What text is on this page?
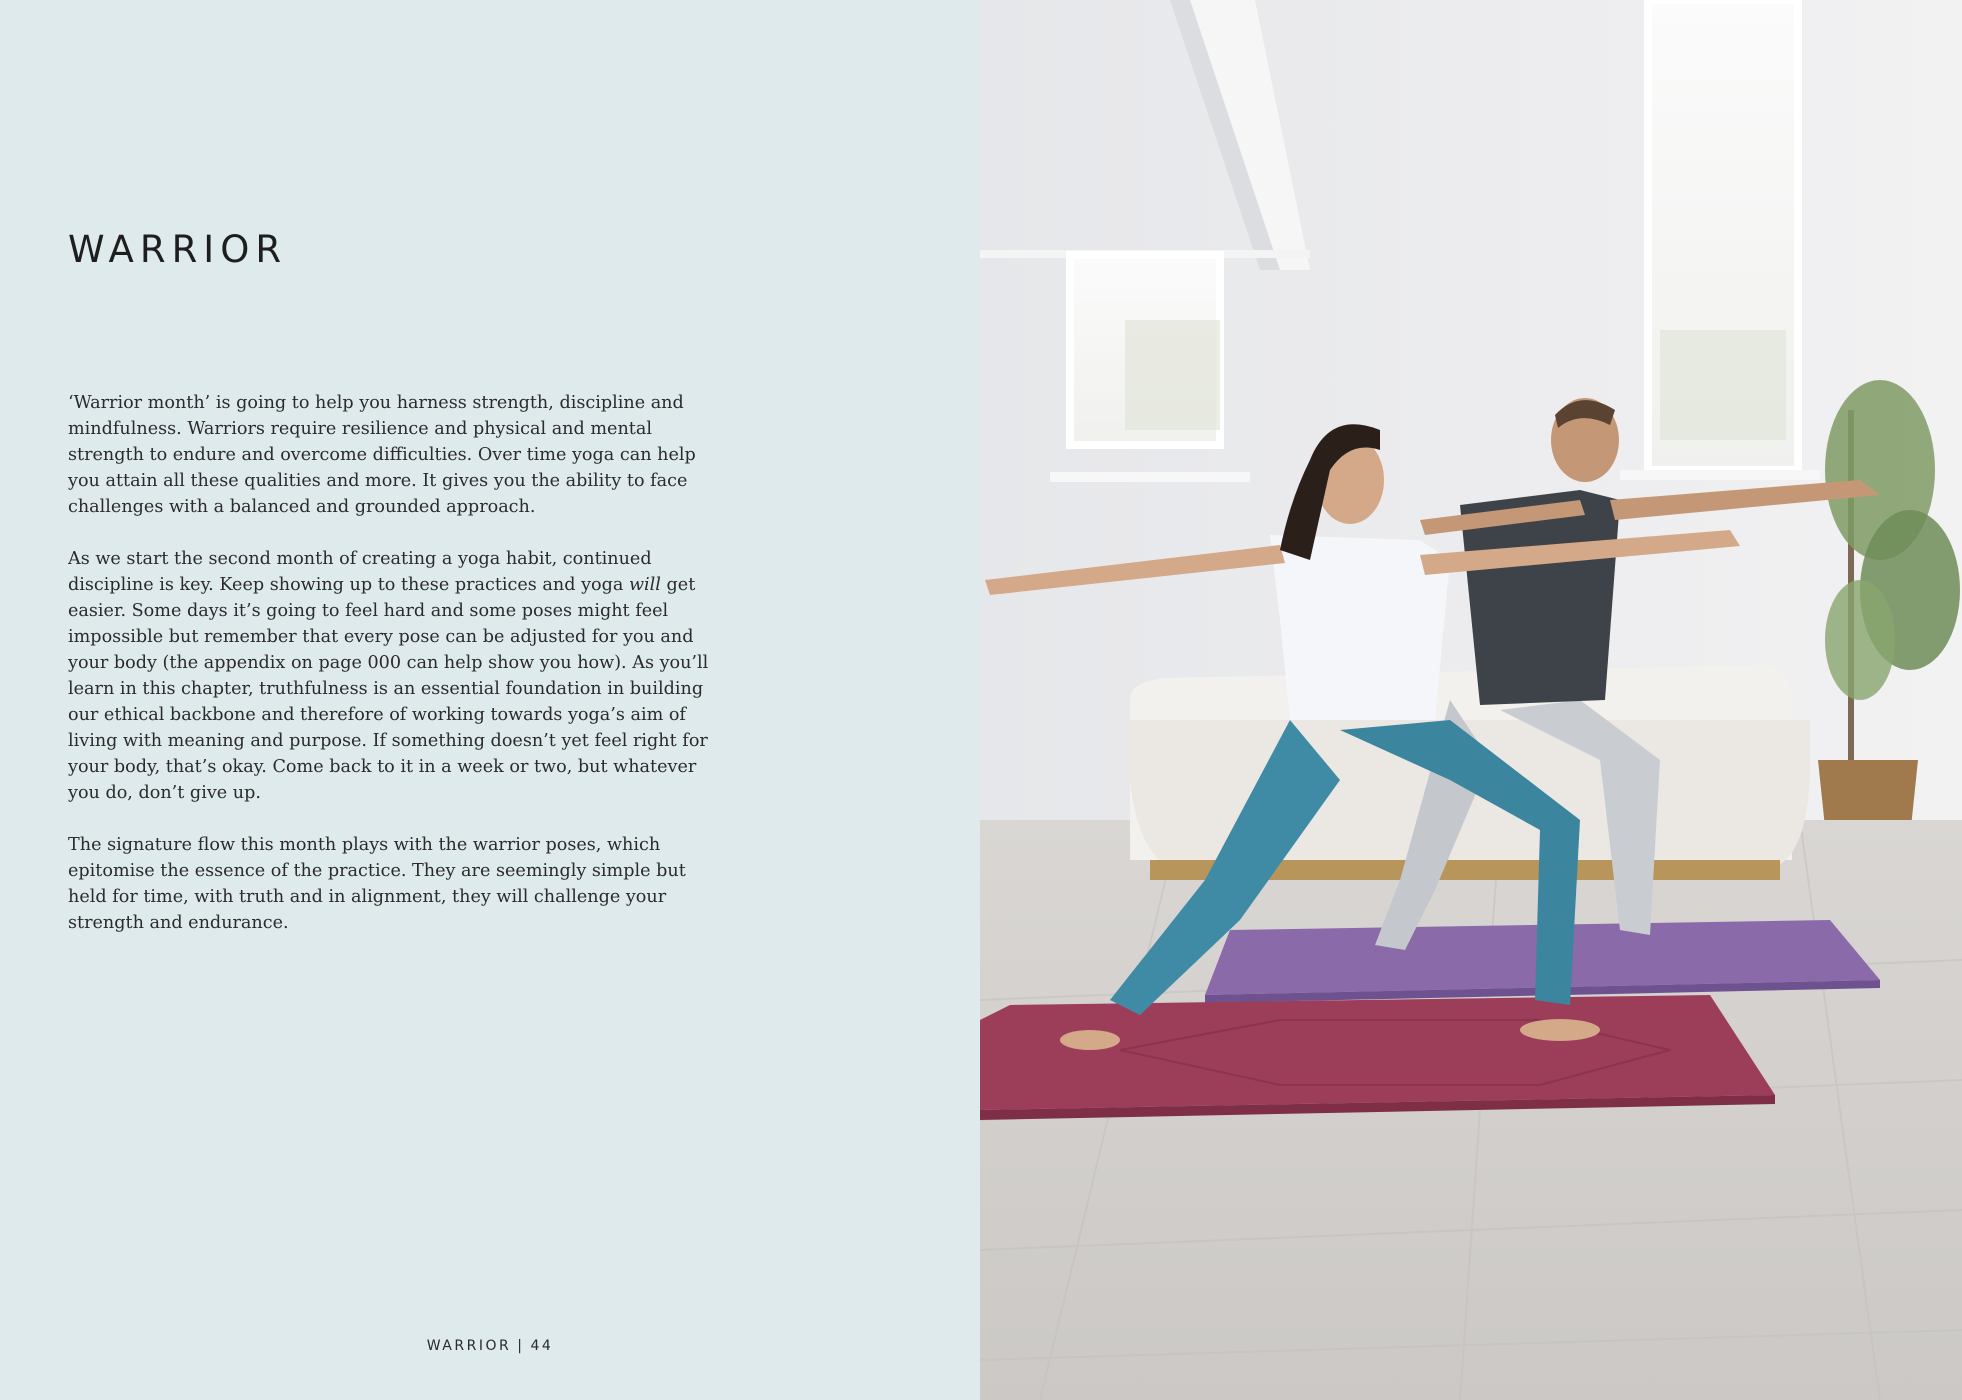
WARRIOR

‘Warrior month’ is going to help you harness strength, discipline and mindfulness. Warriors require resilience and physical and mental strength to endure and overcome difficulties. Over time yoga can help you attain all these qualities and more. It gives you the ability to face challenges with a balanced and grounded approach.

As we start the second month of creating a yoga habit, continued discipline is key. Keep showing up to these practices and yoga will get easier. Some days it’s going to feel hard and some poses might feel impossible but remember that every pose can be adjusted for you and your body (the appendix on page 000 can help show you how). As you’ll learn in this chapter, truthfulness is an essential foundation in building our ethical backbone and therefore of working towards yoga’s aim of living with meaning and purpose. If something doesn’t yet feel right for your body, that’s okay. Come back to it in a week or two, but whatever you do, don’t give up.

The signature flow this month plays with the warrior poses, which epitomise the essence of the practice. They are seemingly simple but held for time, with truth and in alignment, they will challenge your strength and endurance.

WARRIOR | 44
